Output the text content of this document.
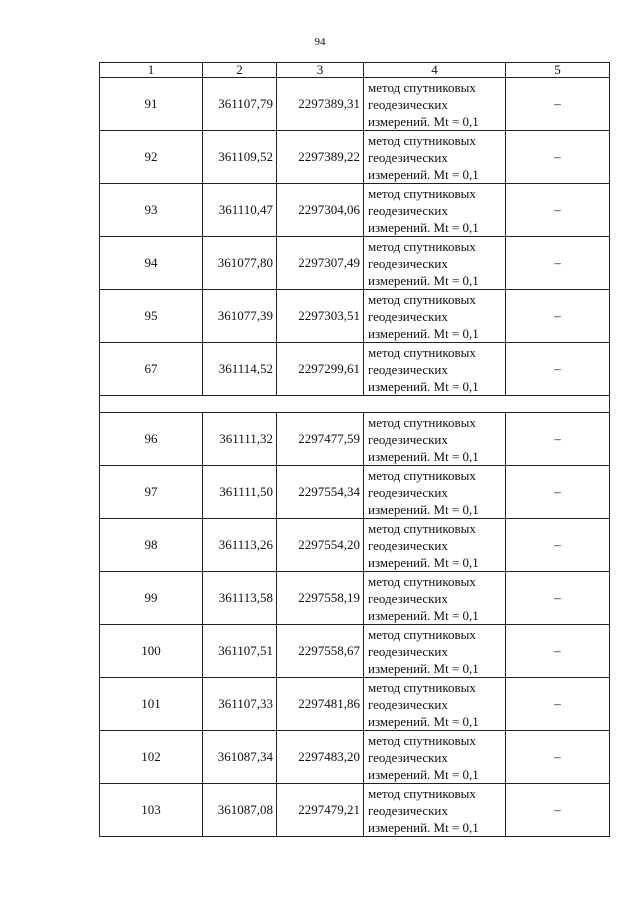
94
1	2	3	4	5
91	361107,79	2297389,31	метод спутниковых
геодезических
измерений. Mt = 0,1	–
92	361109,52	2297389,22	метод спутниковых
геодезических
измерений. Mt = 0,1	–
93	361110,47	2297304,06	метод спутниковых
геодезических
измерений. Mt = 0,1	–
94	361077,80	2297307,49	метод спутниковых
геодезических
измерений. Mt = 0,1	–
95	361077,39	2297303,51	метод спутниковых
геодезических
измерений. Mt = 0,1	–
67	361114,52	2297299,61	метод спутниковых
геодезических
измерений. Mt = 0,1	–

96	361111,32	2297477,59	метод спутниковых
геодезических
измерений. Mt = 0,1	–
97	361111,50	2297554,34	метод спутниковых
геодезических
измерений. Mt = 0,1	–
98	361113,26	2297554,20	метод спутниковых
геодезических
измерений. Mt = 0,1	–
99	361113,58	2297558,19	метод спутниковых
геодезических
измерений. Mt = 0,1	–
100	361107,51	2297558,67	метод спутниковых
геодезических
измерений. Mt = 0,1	–
101	361107,33	2297481,86	метод спутниковых
геодезических
измерений. Mt = 0,1	–
102	361087,34	2297483,20	метод спутниковых
геодезических
измерений. Mt = 0,1	–
103	361087,08	2297479,21	метод спутниковых
геодезических
измерений. Mt = 0,1	–
